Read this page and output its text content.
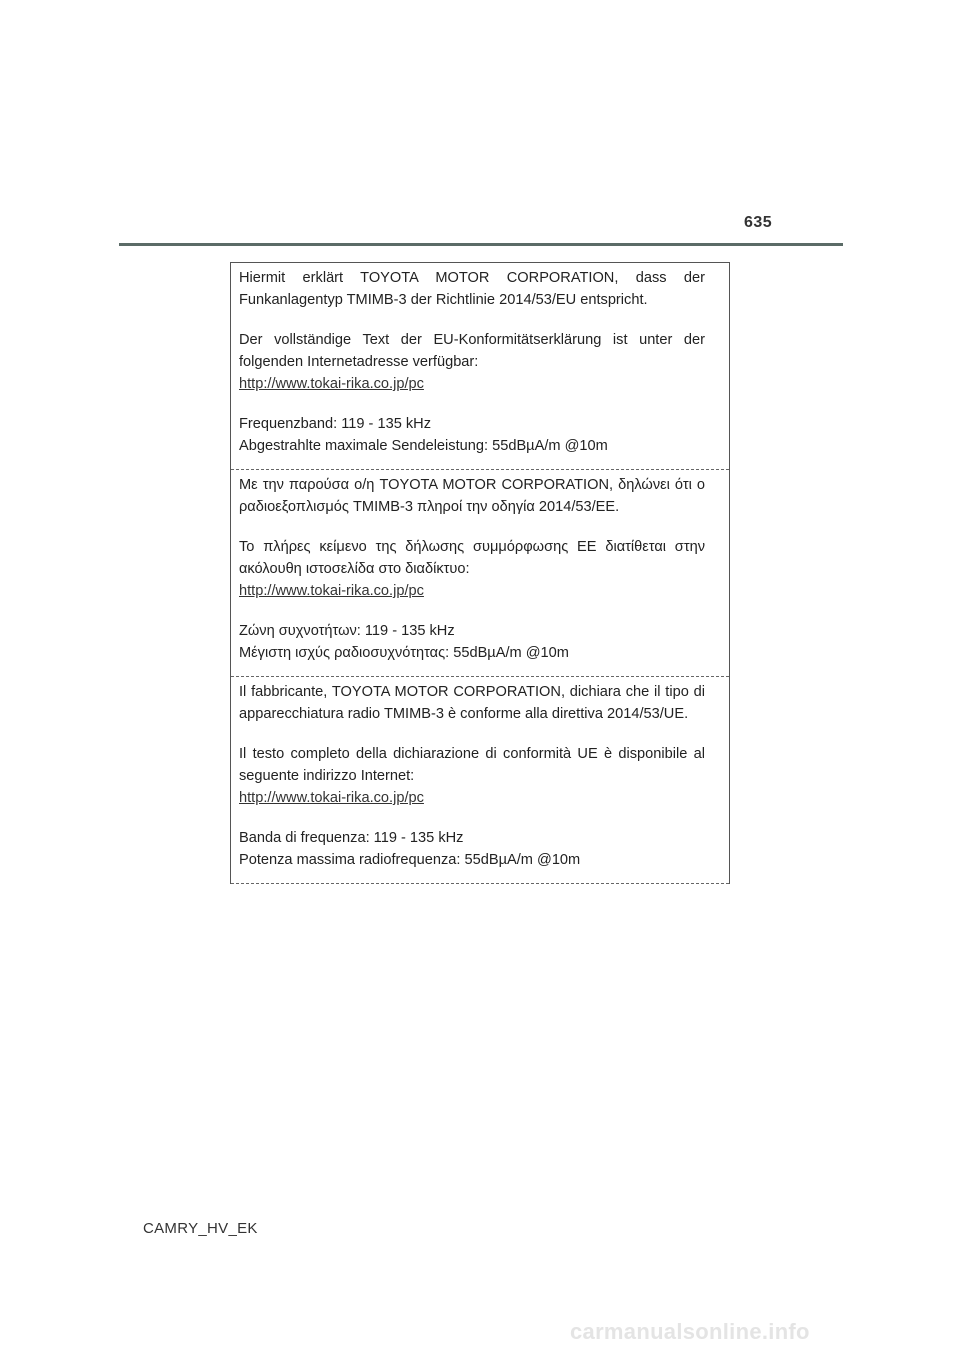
635

Hiermit erklärt TOYOTA MOTOR CORPORATION, dass der Funkanlagentyp TMIMB-3 der Richtlinie 2014/53/EU entspricht.

Der vollständige Text der EU-Konformitätserklärung ist unter der folgenden Internetadresse verfügbar:

http://www.tokai-rika.co.jp/pc

Frequenzband: 119 - 135 kHz

Abgestrahlte maximale Sendeleistung: 55dBµA/m @10m

Με την παρούσα ο/η TOYOTA MOTOR CORPORATION, δηλώνει ότι ο ραδιοεξοπλισμός TMIMB-3 πληροί την οδηγία 2014/53/ΕΕ.

Το πλήρες κείμενο της δήλωσης συμμόρφωσης ΕΕ διατίθεται στην ακόλουθη ιστοσελίδα στο διαδίκτυο:

http://www.tokai-rika.co.jp/pc

Ζώνη συχνοτήτων: 119 - 135 kHz

Μέγιστη ισχύς ραδιοσυχνότητας: 55dBµA/m @10m

Il fabbricante, TOYOTA MOTOR CORPORATION, dichiara che il tipo di apparecchiatura radio TMIMB-3 è conforme alla direttiva 2014/53/UE.

Il testo completo della dichiarazione di conformità UE è disponibile al seguente indirizzo Internet:

http://www.tokai-rika.co.jp/pc

Banda di frequenza: 119 - 135 kHz

Potenza massima radiofrequenza: 55dBµA/m @10m

CAMRY_HV_EK
carmanualsonline.info
